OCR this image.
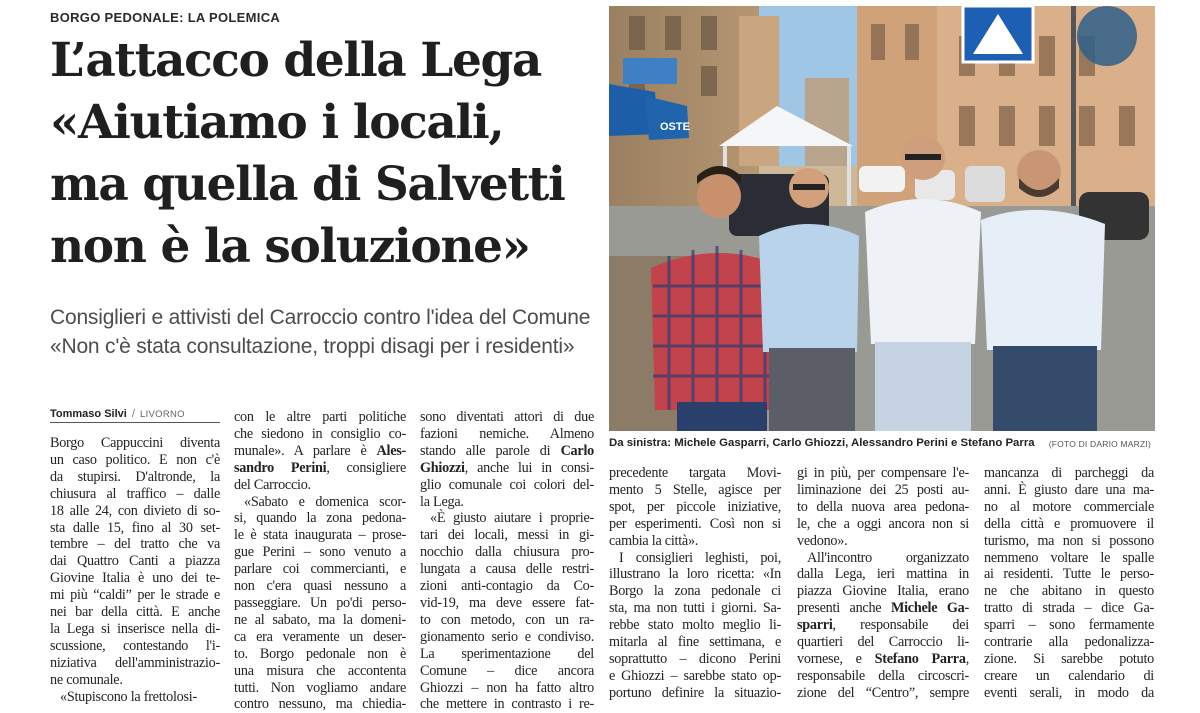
BORGO PEDONALE: LA POLEMICA
L’attacco della Lega
«Aiutiamo i locali,
ma quella di Salvetti
non è la soluzione»
Consiglieri e attivisti del Carroccio contro l'idea del Comune
«Non c'è stata consultazione, troppi disagi per i residenti»
OSTE
Da sinistra: Michele Gasparri, Carlo Ghiozzi, Alessandro Perini e Stefano Parra (FOTO DI DARIO MARZI)
Tommaso Silvi / LIVORNO
Borgo Cappuccini diventa
un caso politico. E non c'è
da stupirsi. D'altronde, la
chiusura al traffico – dalle
18 alle 24, con divieto di so-
sta dalle 15, fino al 30 set-
tembre – del tratto che va
dai Quattro Canti a piazza
Giovine Italia è uno dei te-
mi più “caldi” per le strade e
nei bar della città. E anche
la Lega si inserisce nella di-
scussione, contestando l'i-
niziativa dell'amministrazio-
ne comunale.
«Stupiscono la frettolosi-
con le altre parti politiche
che siedono in consiglio co-
munale». A parlare è Ales-
sandro Perini, consigliere
del Carroccio.
«Sabato e domenica scor-
si, quando la zona pedona-
le è stata inaugurata – prose-
gue Perini – sono venuto a
parlare coi commercianti, e
non c'era quasi nessuno a
passeggiare. Un po'di perso-
ne al sabato, ma la domeni-
ca era veramente un deser-
to. Borgo pedonale non è
una misura che accontenta
tutti. Non vogliamo andare
contro nessuno, ma chiedia-
sono diventati attori di due
fazioni nemiche. Almeno
stando alle parole di Carlo
Ghiozzi, anche lui in consi-
glio comunale coi colori del-
la Lega.
«È giusto aiutare i proprie-
tari dei locali, messi in gi-
nocchio dalla chiusura pro-
lungata a causa delle restri-
zioni anti-contagio da Co-
vid-19, ma deve essere fat-
to con metodo, con un ra-
gionamento serio e condiviso.
La sperimentazione del
Comune – dice ancora
Ghiozzi – non ha fatto altro
che mettere in contrasto i re-
precedente targata Movi-
mento 5 Stelle, agisce per
spot, per piccole iniziative,
per esperimenti. Così non si
cambia la città».
I consiglieri leghisti, poi,
illustrano la loro ricetta: «In
Borgo la zona pedonale ci
sta, ma non tutti i giorni. Sa-
rebbe stato molto meglio li-
mitarla al fine settimana, e
soprattutto – dicono Perini
e Ghiozzi – sarebbe stato op-
portuno definire la situazio-
gi in più, per compensare l'e-
liminazione dei 25 posti au-
to della nuova area pedona-
le, che a oggi ancora non si
vedono».
All'incontro organizzato
dalla Lega, ieri mattina in
piazza Giovine Italia, erano
presenti anche Michele Ga-
sparri, responsabile dei
quartieri del Carroccio li-
vornese, e Stefano Parra,
responsabile della circoscri-
zione del “Centro”, sempre
mancanza di parcheggi da
anni. È giusto dare una ma-
no al motore commerciale
della città e promuovere il
turismo, ma non si possono
nemmeno voltare le spalle
ai residenti. Tutte le perso-
ne che abitano in questo
tratto di strada – dice Ga-
sparri – sono fermamente
contrarie alla pedonalizza-
zione. Si sarebbe potuto
creare un calendario di
eventi serali, in modo da
